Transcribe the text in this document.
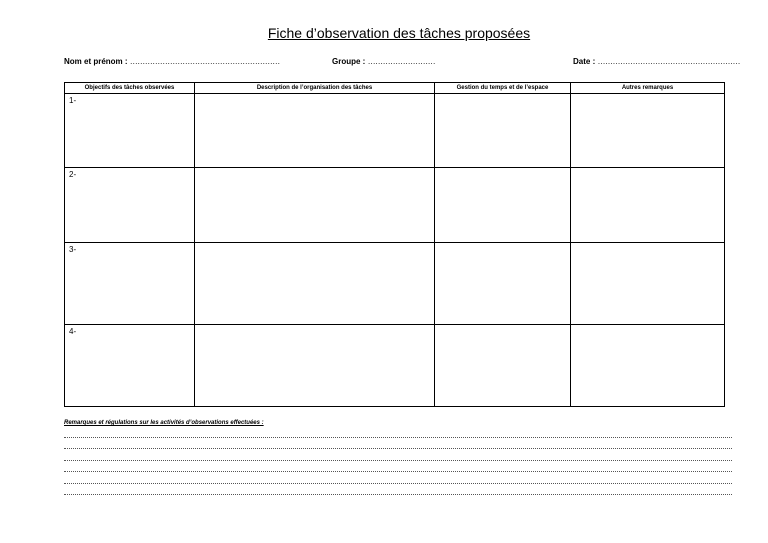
Fiche d’observation des tâches proposées
Nom et prénom : ……………………………………………………	Groupe : ………………………	Date : …………………………………………………
Objectifs des tâches observées	Description de l’organisation des tâches	Gestion du temps et de l’espace	Autres remarques
1-			
2-			
3-			
4-			
Remarques et régulations sur les activités d’observations effectuées :
